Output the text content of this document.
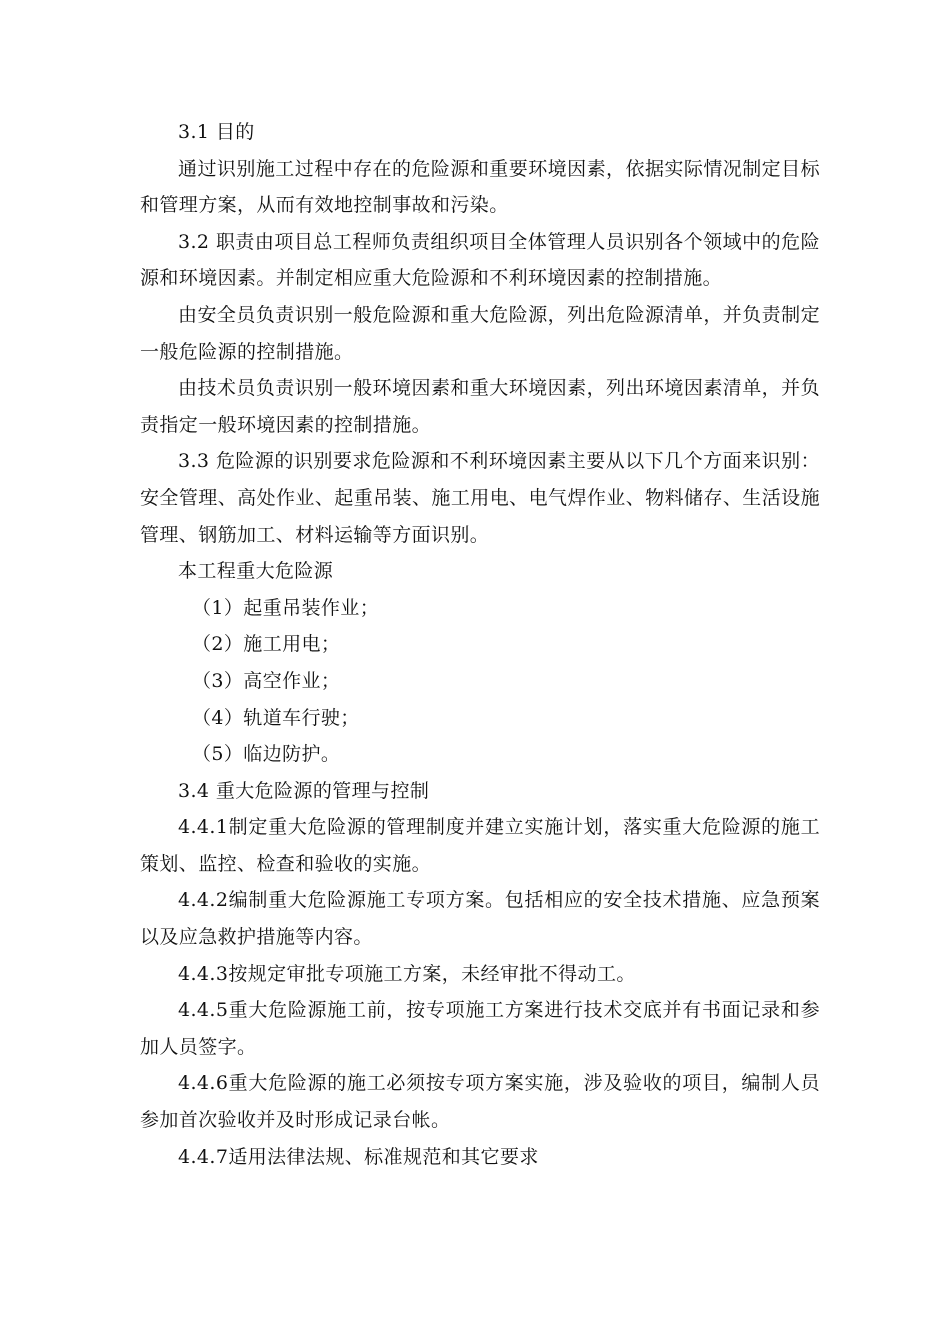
3.1 目的

通过识别施工过程中存在的危险源和重要环境因素，依据实际情况制定目标和管理方案，从而有效地控制事故和污染。

3.2 职责由项目总工程师负责组织项目全体管理人员识别各个领域中的危险源和环境因素。并制定相应重大危险源和不利环境因素的控制措施。

由安全员负责识别一般危险源和重大危险源，列出危险源清单，并负责制定一般危险源的控制措施。

由技术员负责识别一般环境因素和重大环境因素，列出环境因素清单，并负责指定一般环境因素的控制措施。

3.3 危险源的识别要求危险源和不利环境因素主要从以下几个方面来识别：安全管理、高处作业、起重吊装、施工用电、电气焊作业、物料储存、生活设施管理、钢筋加工、材料运输等方面识别。

本工程重大危险源

（1）起重吊装作业；

（2）施工用电；

（3）高空作业；

（4）轨道车行驶；

（5）临边防护。

3.4 重大危险源的管理与控制

4.4.1制定重大危险源的管理制度并建立实施计划，落实重大危险源的施工策划、监控、检查和验收的实施。

4.4.2编制重大危险源施工专项方案。包括相应的安全技术措施、应急预案以及应急救护措施等内容。

4.4.3按规定审批专项施工方案，未经审批不得动工。

4.4.5重大危险源施工前，按专项施工方案进行技术交底并有书面记录和参加人员签字。

4.4.6重大危险源的施工必须按专项方案实施，涉及验收的项目，编制人员参加首次验收并及时形成记录台帐。

4.4.7适用法律法规、标准规范和其它要求
